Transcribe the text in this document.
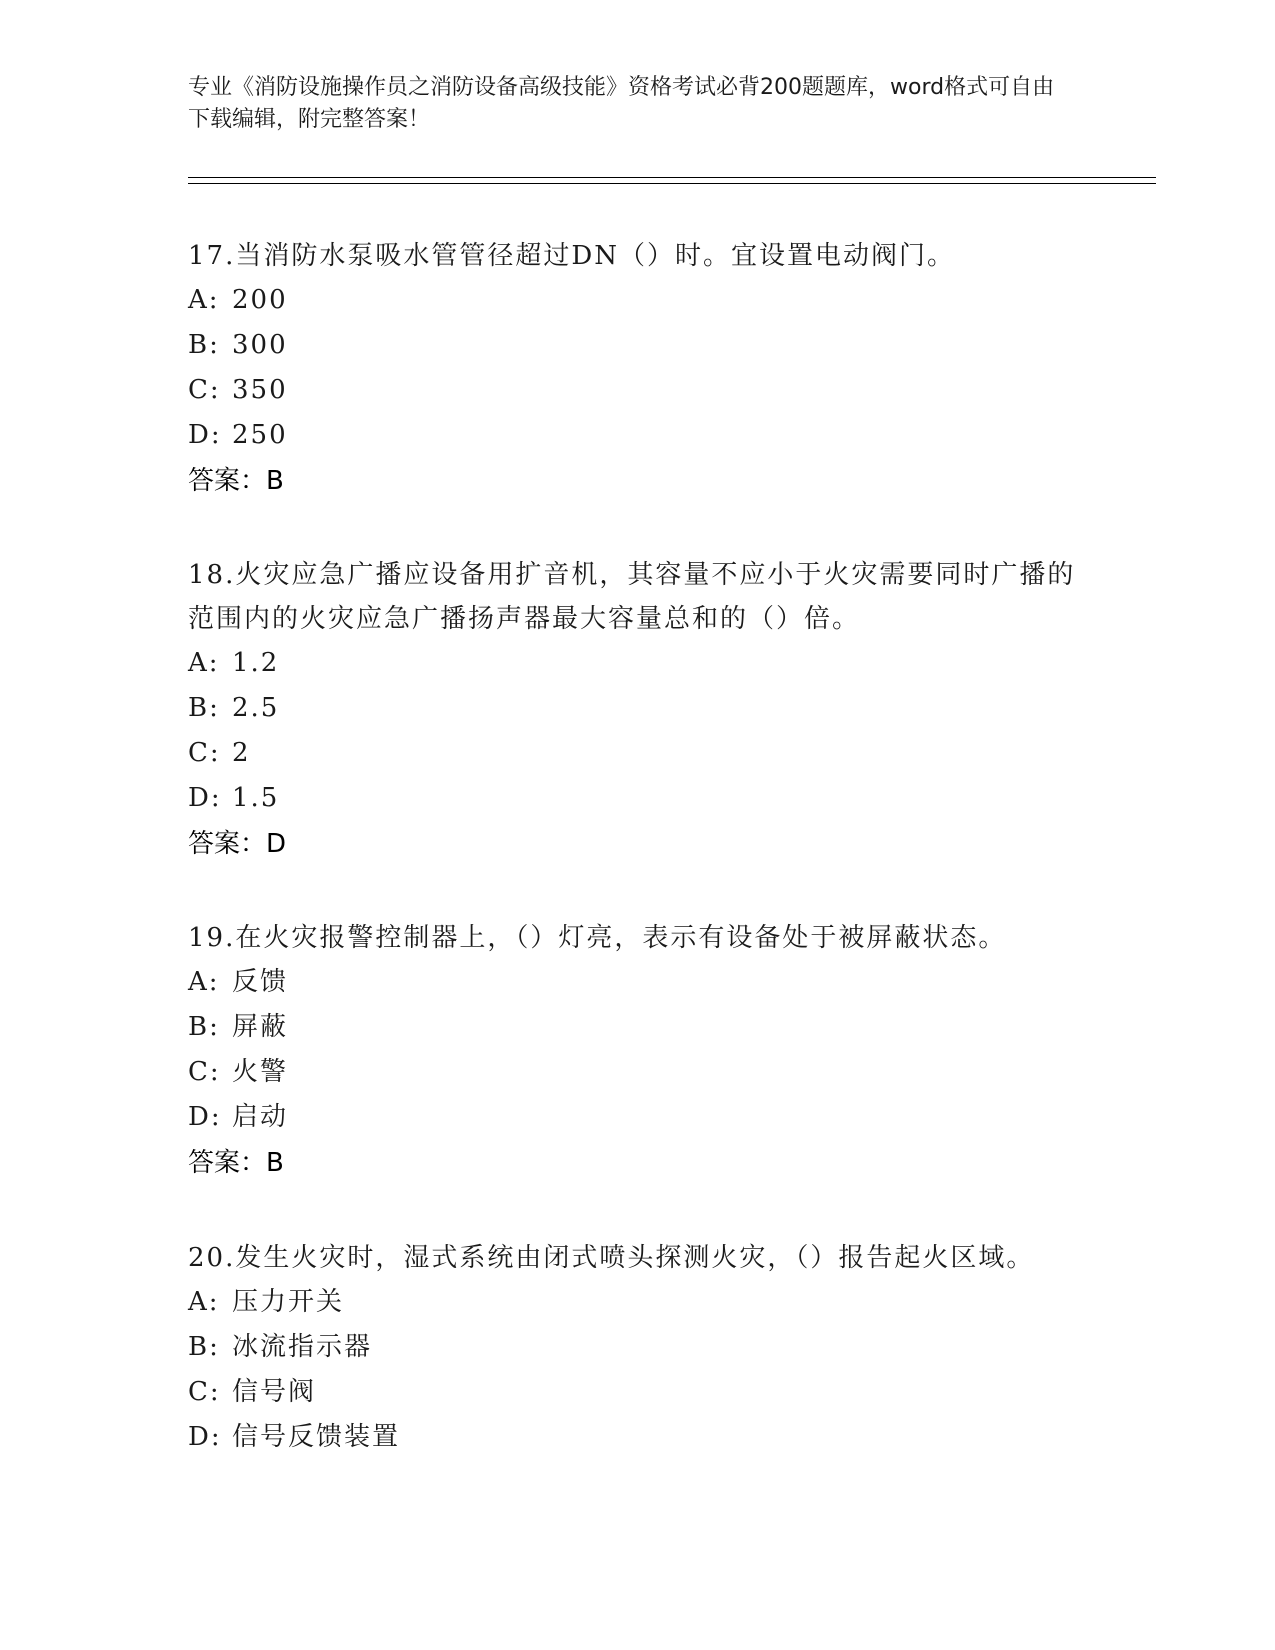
专业《消防设施操作员之消防设备高级技能》资格考试必背200题题库，word格式可自由下载编辑，附完整答案！
17.当消防水泵吸水管管径超过DN（）时。宜设置电动阀门。
A: 200
B: 300
C: 350
D: 250
答案：B
18.火灾应急广播应设备用扩音机，其容量不应小于火灾需要同时广播的范围内的火灾应急广播扬声器最大容量总和的（）倍。
A: 1.2
B: 2.5
C: 2
D: 1.5
答案：D
19.在火灾报警控制器上，（）灯亮，表示有设备处于被屏蔽状态。
A: 反馈
B: 屏蔽
C: 火警
D: 启动
答案：B
20.发生火灾时，湿式系统由闭式喷头探测火灾，（）报告起火区域。
A: 压力开关
B: 冰流指示器
C: 信号阀
D: 信号反馈装置
